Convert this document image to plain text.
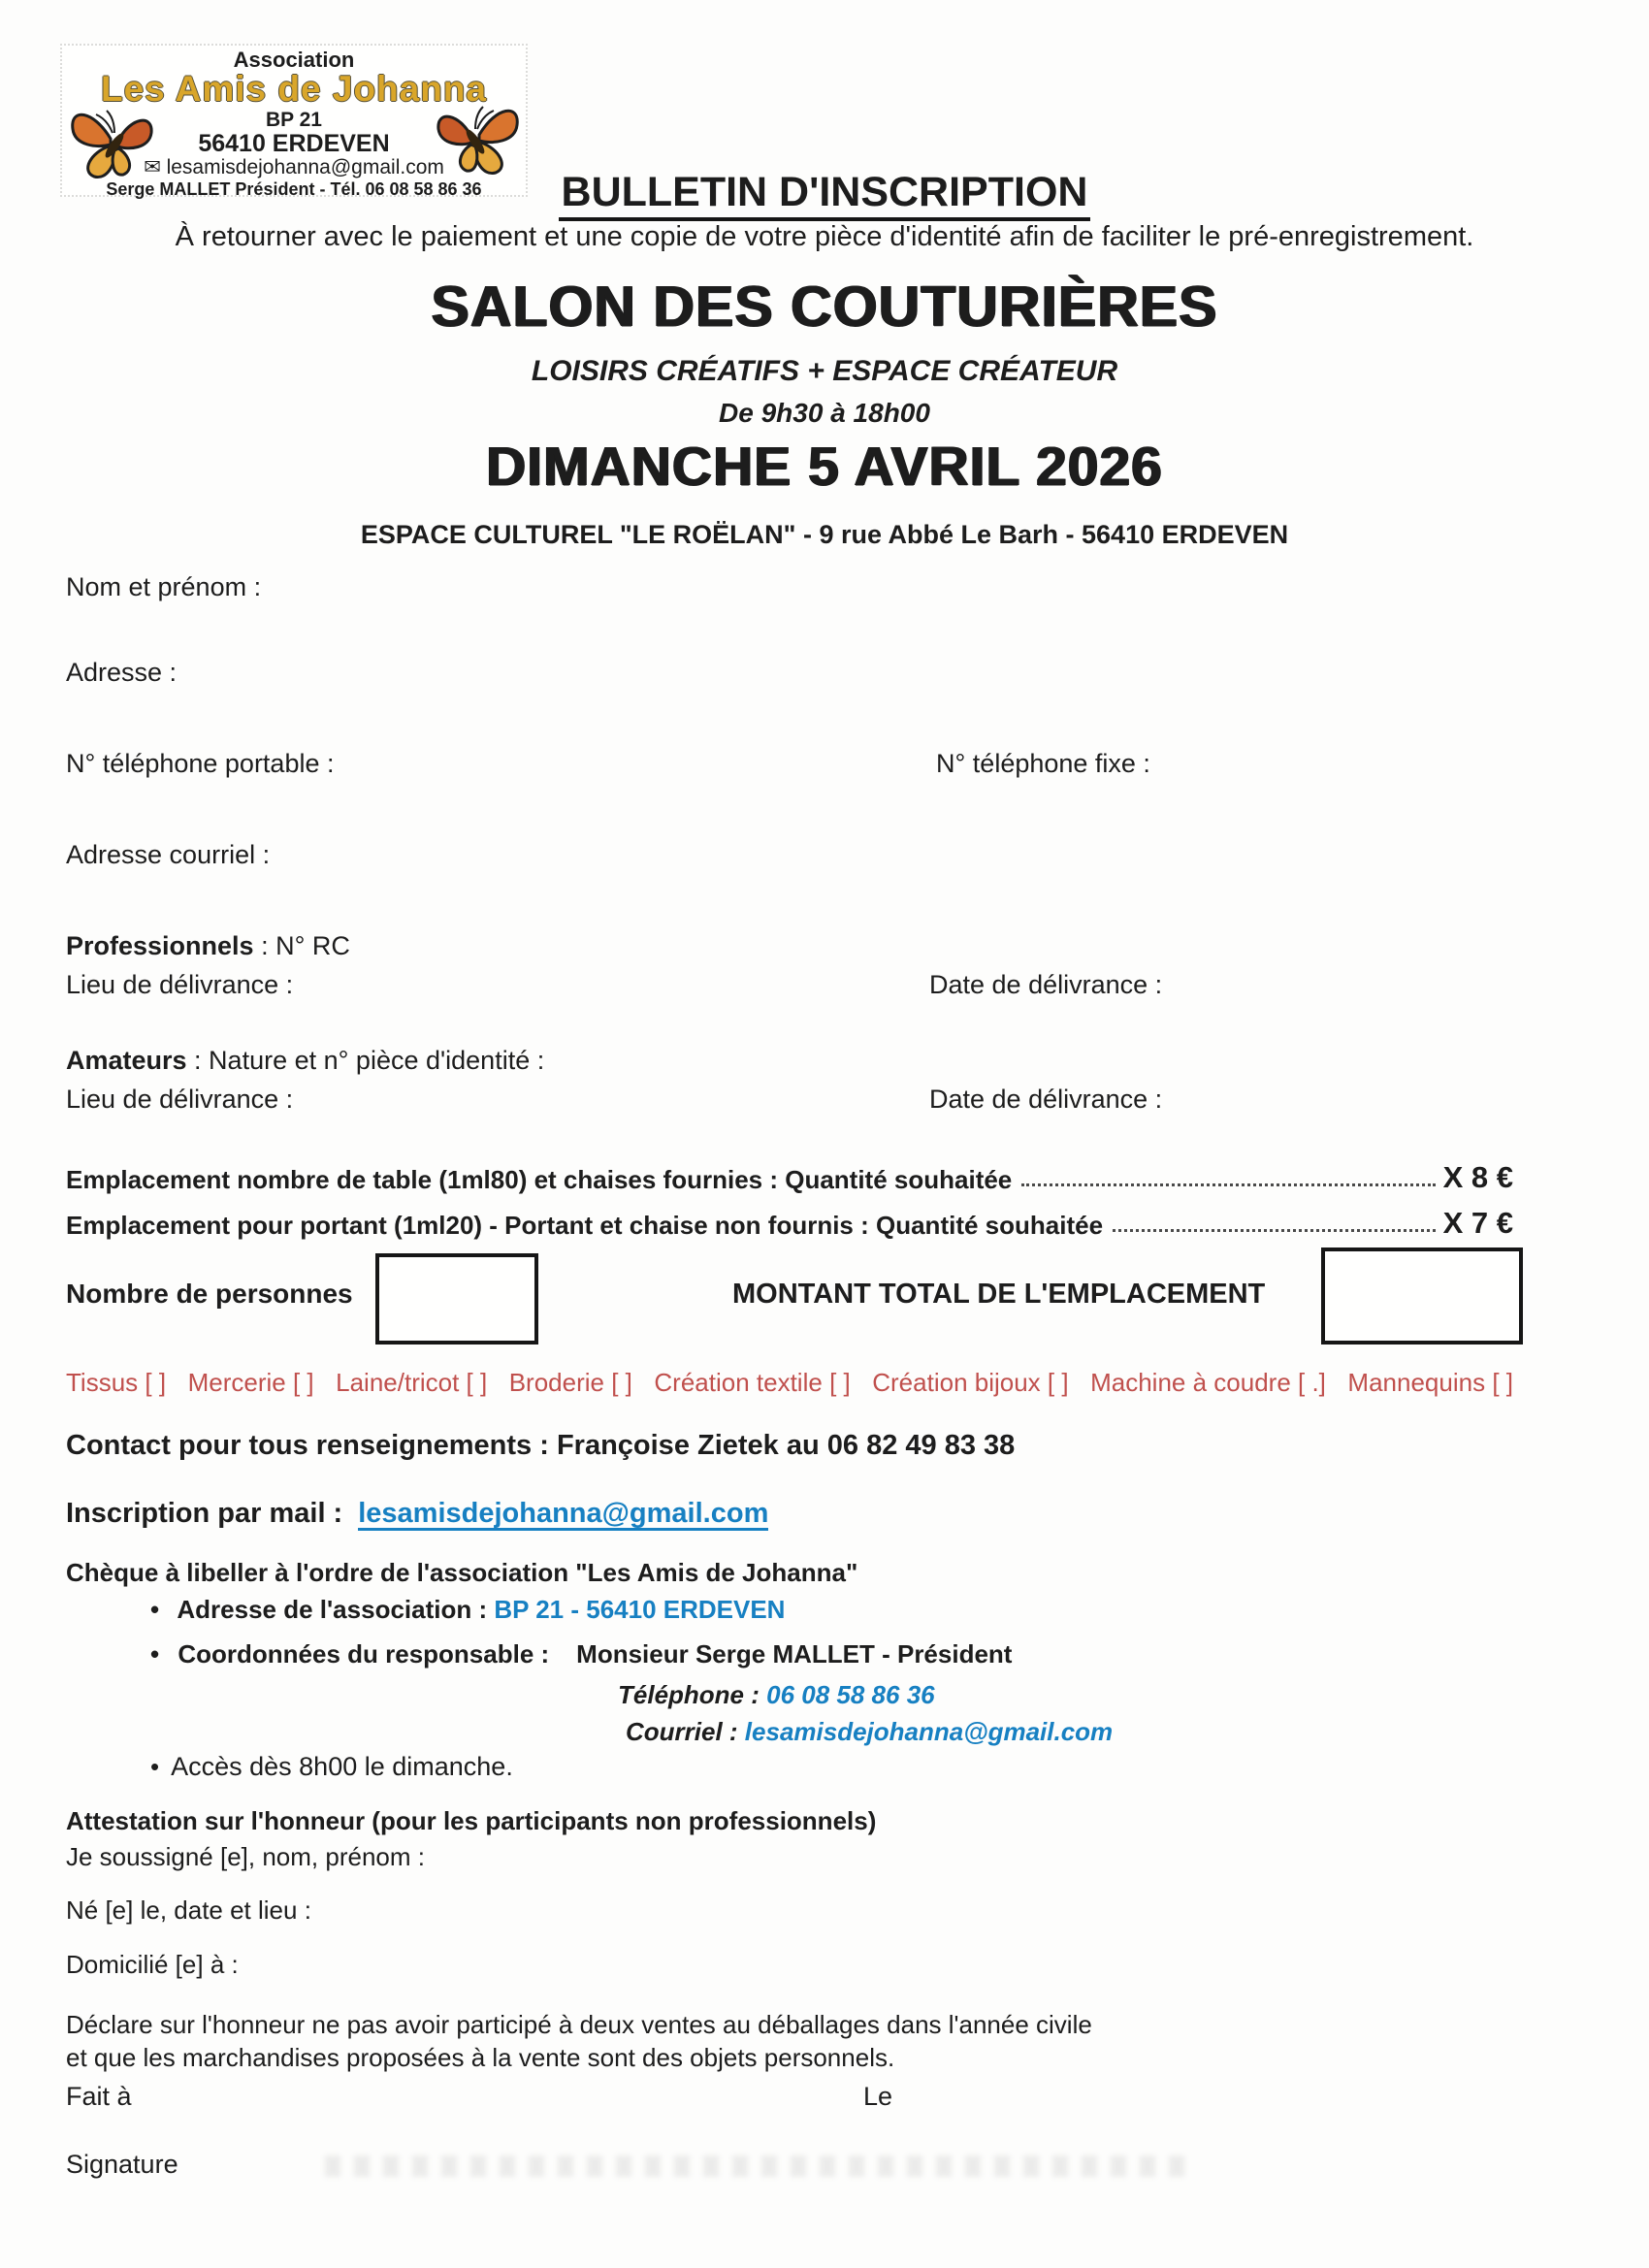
Association
Les Amis de Johanna
BP 21
56410 ERDEVEN
✉ lesamisdejohanna@gmail.com
Serge MALLET Président - Tél. 06 08 58 86 36	BULLETIN D'INSCRIPTION
À retourner avec le paiement et une copie de votre pièce d'identité afin de faciliter le pré-enregistrement.
SALON DES COUTURIÈRES
LOISIRS CRÉATIFS + ESPACE CRÉATEUR
De 9h30 à 18h00
DIMANCHE 5 AVRIL 2026
ESPACE CULTUREL "LE ROËLAN" - 9 rue Abbé Le Barh - 56410 ERDEVEN
Nom et prénom :
Adresse :
N° téléphone portable :	N° téléphone fixe :
Adresse courriel :
Professionnels : N° RC
Lieu de délivrance :	Date de délivrance :
Amateurs : Nature et n° pièce d'identité :
Lieu de délivrance :	Date de délivrance :
Emplacement nombre de table (1ml80) et chaises fournies : Quantité souhaitée	X 8 €
Emplacement pour portant (1ml20) - Portant et chaise non fournis : Quantité souhaitée	X 7 €
Nombre de personnes	MONTANT TOTAL DE L'EMPLACEMENT
Tissus [ ] Mercerie [ ] Laine/tricot [ ] Broderie [ ] Création textile [ ] Création bijoux [ ] Machine à coudre [ .] Mannequins [ ]
Contact pour tous renseignements : Françoise Zietek au 06 82 49 83 38
Inscription par mail : lesamisdejohanna@gmail.com
Chèque à libeller à l'ordre de l'association "Les Amis de Johanna"
• Adresse de l'association : BP 21 - 56410 ERDEVEN
• Coordonnées du responsable : Monsieur Serge MALLET - Président
Téléphone : 06 08 58 86 36
Courriel : lesamisdejohanna@gmail.com
• Accès dès 8h00 le dimanche.
Attestation sur l'honneur (pour les participants non professionnels)
Je soussigné [e], nom, prénom :
Né [e] le, date et lieu :
Domicilié [e] à :
Déclare sur l'honneur ne pas avoir participé à deux ventes au déballages dans l'année civile
et que les marchandises proposées à la vente sont des objets personnels.
Fait à	Le
Signature
